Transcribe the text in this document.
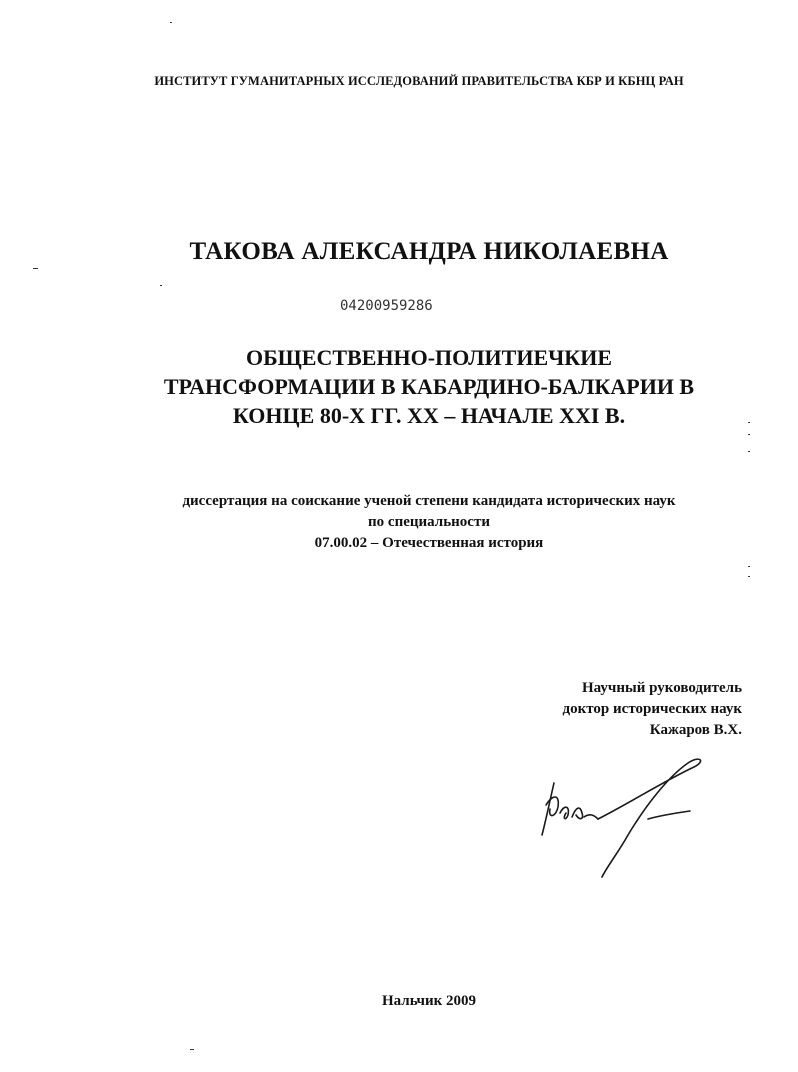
ИНСТИТУТ ГУМАНИТАРНЫХ ИССЛЕДОВАНИЙ ПРАВИТЕЛЬСТВА КБР И КБНЦ РАН
ТАКОВА АЛЕКСАНДРА НИКОЛАЕВНА
04200959286
ОБЩЕСТВЕННО-ПОЛИТИЕЧКИЕ
ТРАНСФОРМАЦИИ В КАБАРДИНО-БАЛКАРИИ В
КОНЦЕ 80-Х ГГ. XX – НАЧАЛЕ XXI В.
диссертация на соискание ученой степени кандидата исторических наук
по специальности
07.00.02 – Отечественная история
Научный руководитель
доктор исторических наук
Кажаров В.Х.
Нальчик 2009
